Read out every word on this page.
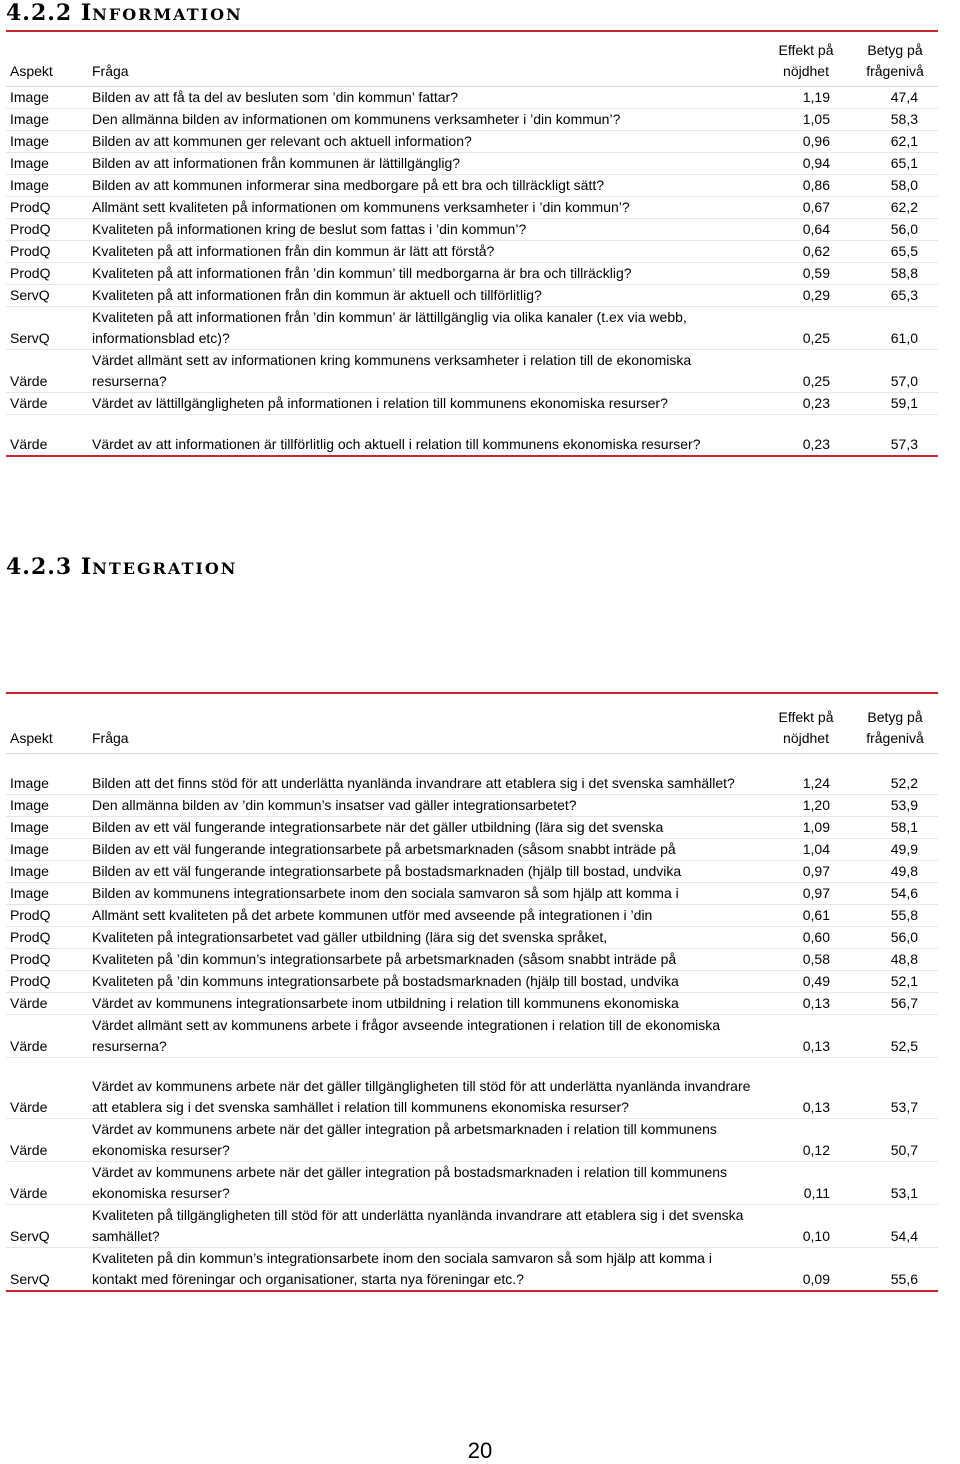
4.2.2 INFORMATION
Aspekt	Fråga	Effekt på nöjdhet	Betyg på frågenivå
Image	Bilden av att få ta del av besluten som ’din kommun’ fattar?	1,19	47,4
Image	Den allmänna bilden av informationen om kommunens verksamheter i ’din kommun’?	1,05	58,3
Image	Bilden av att kommunen ger relevant och aktuell information?	0,96	62,1
Image	Bilden av att informationen från kommunen är lättillgänglig?	0,94	65,1
Image	Bilden av att kommunen informerar sina medborgare på ett bra och tillräckligt sätt?	0,86	58,0
ProdQ	Allmänt sett kvaliteten på informationen om kommunens verksamheter i ’din kommun’?	0,67	62,2
ProdQ	Kvaliteten på informationen kring de beslut som fattas i ’din kommun’?	0,64	56,0
ProdQ	Kvaliteten på att informationen från din kommun är lätt att förstå?	0,62	65,5
ProdQ	Kvaliteten på att informationen från ’din kommun’ till medborgarna är bra och tillräcklig?	0,59	58,8
ServQ	Kvaliteten på att informationen från din kommun är aktuell och tillförlitlig?	0,29	65,3
ServQ	Kvaliteten på att informationen från ’din kommun’ är lättillgänglig via olika kanaler (t.ex via webb, informationsblad etc)?	0,25	61,0
Värde	Värdet allmänt sett av informationen kring kommunens verksamheter i relation till de ekonomiska resurserna?	0,25	57,0
Värde	Värdet av lättillgängligheten på informationen i relation till kommunens ekonomiska resurser?	0,23	59,1
Värde	Värdet av att informationen är tillförlitlig och aktuell i relation till kommunens ekonomiska resurser?	0,23	57,3
4.2.3 INTEGRATION
Aspekt	Fråga	Effekt på nöjdhet	Betyg på frågenivå
Image	Bilden att det finns stöd för att underlätta nyanlända invandrare att etablera sig i det svenska samhället?	1,24	52,2
Image	Den allmänna bilden av ’din kommun’s insatser vad gäller integrationsarbetet?	1,20	53,9
Image	Bilden av ett väl fungerande integrationsarbete när det gäller utbildning (lära sig det svenska	1,09	58,1
Image	Bilden av ett väl fungerande integrationsarbete på arbetsmarknaden (såsom snabbt inträde på	1,04	49,9
Image	Bilden av ett väl fungerande integrationsarbete på bostadsmarknaden (hjälp till bostad, undvika	0,97	49,8
Image	Bilden av kommunens integrationsarbete inom den sociala samvaron så som hjälp att komma i	0,97	54,6
ProdQ	Allmänt sett kvaliteten på det arbete kommunen utför med avseende på integrationen i ’din	0,61	55,8
ProdQ	Kvaliteten på integrationsarbetet vad gäller utbildning (lära sig det svenska språket,	0,60	56,0
ProdQ	Kvaliteten på ’din kommun’s integrationsarbete på arbetsmarknaden (såsom snabbt inträde på	0,58	48,8
ProdQ	Kvaliteten på ’din kommuns integrationsarbete på bostadsmarknaden (hjälp till bostad, undvika	0,49	52,1
Värde	Värdet av kommunens integrationsarbete inom utbildning i relation till kommunens ekonomiska	0,13	56,7
Värde	Värdet allmänt sett av kommunens arbete i frågor avseende integrationen i relation till de ekonomiska resurserna?	0,13	52,5
Värde	Värdet av kommunens arbete när det gäller tillgängligheten till stöd för att underlätta nyanlända invandrare att etablera sig i det svenska samhället i relation till kommunens ekonomiska resurser?	0,13	53,7
Värde	Värdet av kommunens arbete när det gäller integration på arbetsmarknaden i relation till kommunens ekonomiska resurser?	0,12	50,7
Värde	Värdet av kommunens arbete när det gäller integration på bostadsmarknaden i relation till kommunens ekonomiska resurser?	0,11	53,1
ServQ	Kvaliteten på tillgängligheten till stöd för att underlätta nyanlända invandrare att etablera sig i det svenska samhället?	0,10	54,4
ServQ	Kvaliteten på din kommun’s integrationsarbete inom den sociala samvaron så som hjälp att komma i kontakt med föreningar och organisationer, starta nya föreningar etc.?	0,09	55,6
20
